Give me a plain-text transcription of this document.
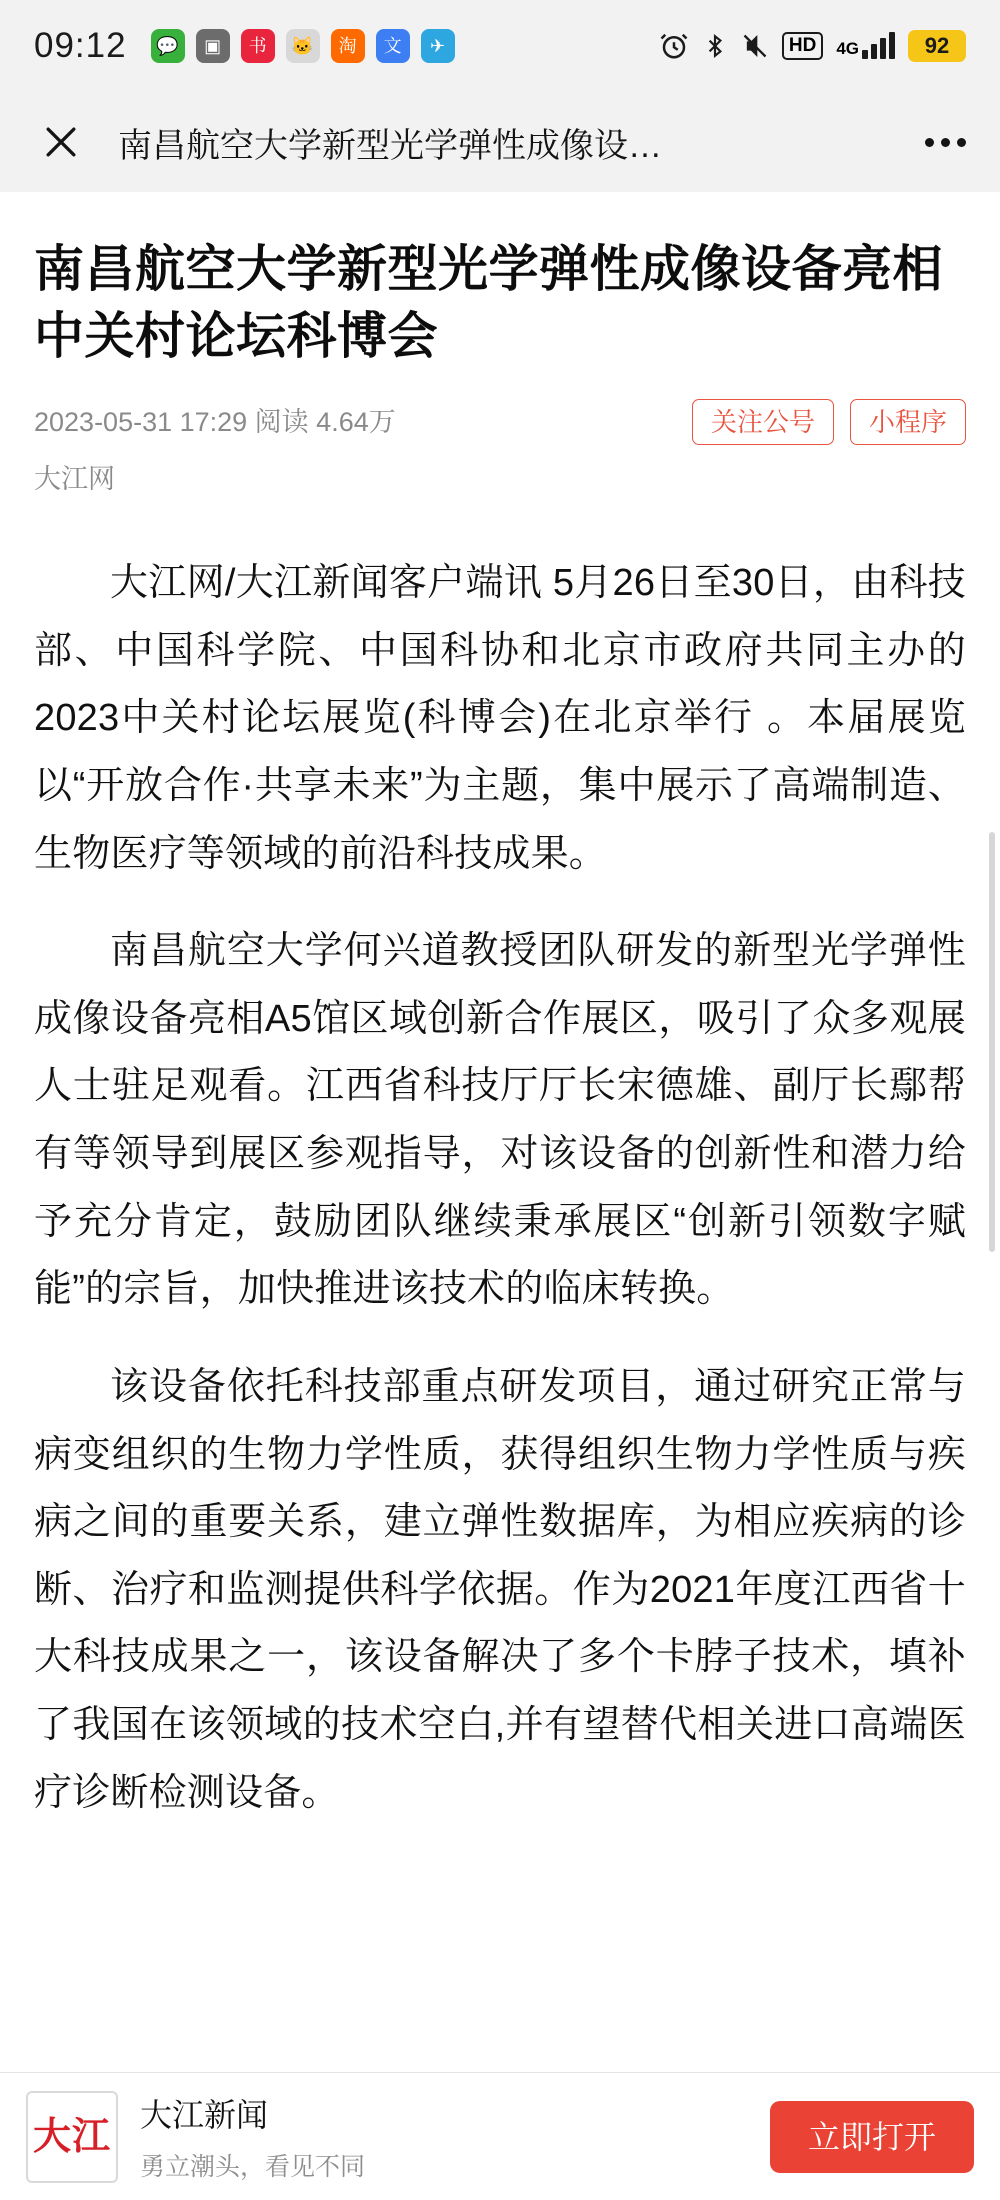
09:12	💬	▣	书	🐱	淘	文	✈	HD	4G	92
南昌航空大学新型光学弹性成像设…
南昌航空大学新型光学弹性成像设备亮相中关村论坛科博会
2023-05-31 17:29 阅读 4.64万	关注公号	小程序
大江网

大江网/大江新闻客户端讯 5月26日至30日，由科技部、中国科学院、中国科协和北京市政府共同主办的2023中关村论坛展览(科博会)在北京举行 。本届展览以“开放合作·共享未来”为主题，集中展示了高端制造、生物医疗等领域的前沿科技成果。

南昌航空大学何兴道教授团队研发的新型光学弹性成像设备亮相A5馆区域创新合作展区，吸引了众多观展人士驻足观看。江西省科技厅厅长宋德雄、副厅长鄢帮有等领导到展区参观指导，对该设备的创新性和潜力给予充分肯定，鼓励团队继续秉承展区“创新引领数字赋能”的宗旨，加快推进该技术的临床转换。

该设备依托科技部重点研发项目，通过研究正常与病变组织的生物力学性质，获得组织生物力学性质与疾病之间的重要关系，建立弹性数据库，为相应疾病的诊断、治疗和监测提供科学依据。作为2021年度江西省十大科技成果之一，该设备解决了多个卡脖子技术，填补了我国在该领域的技术空白,并有望替代相关进口高端医疗诊断检测设备。

大江
大江新闻
勇立潮头，看见不同
立即打开
